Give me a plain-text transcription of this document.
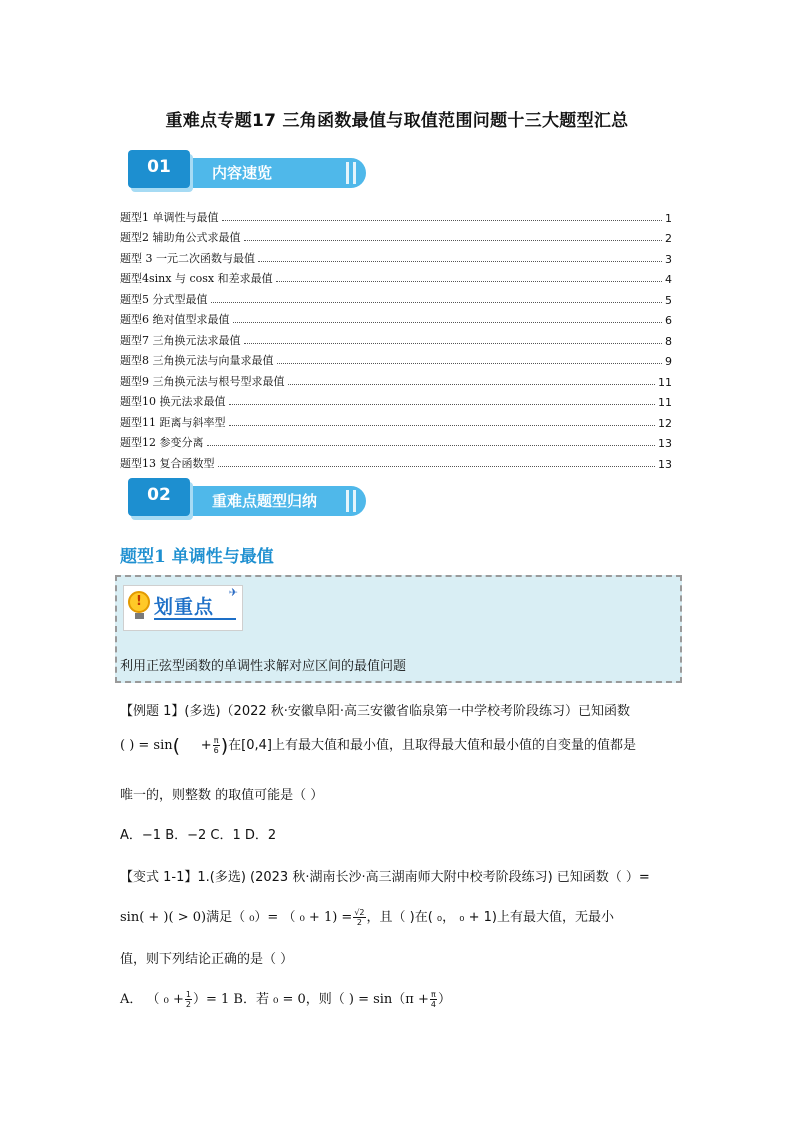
重难点专题17 三角函数最值与取值范围问题十三大题型汇总
01	内容速览
题型1 单调性与最值	1
题型2 辅助角公式求最值	2
题型 3 一元二次函数与最值	3
题型4sinx 与 cosx 和差求最值	4
题型5 分式型最值	5
题型6 绝对值型求最值	6
题型7 三角换元法求最值	8
题型8 三角换元法与向量求最值	9
题型9 三角换元法与根号型求最值	11
题型10 换元法求最值	11
题型11 距离与斜率型	12
题型12 参变分离	13
题型13 复合函数型	13
02	重难点题型归纳
题型1 单调性与最值
! 划重点
✈
利用正弦型函数的单调性求解对应区间的最值问题
【例题 1】(多选)（2022 秋·安徽阜阳·高三安徽省临泉第一中学校考阶段练习）已知函数
( ) = sin(     + $\frac{\pi}{6}$ )在[0,4]上有最大值和最小值，且取得最大值和最小值的自变量的值都是
唯一的，则整数 的取值可能是（ ）
A．−1 B．−2 C．1 D．2
【变式 1-1】1.(多选) (2023 秋·湖南长沙·高三湖南师大附中校考阶段练习) 已知函数（ ）=
sin( + )( > 0)满足（ ₀）= （ $_0 + 1) = \frac{√2}{2}$ ，且（ )在( ₀， ₀ + 1)上有最大值，无最小
值，则下列结论正确的是（ ）
A． （ $_0 + \frac{1}{2}$ ）= 1 B．若 ₀ = 0，则（ ) = $\sin(\pi + \frac{\pi}{4}$ ）
